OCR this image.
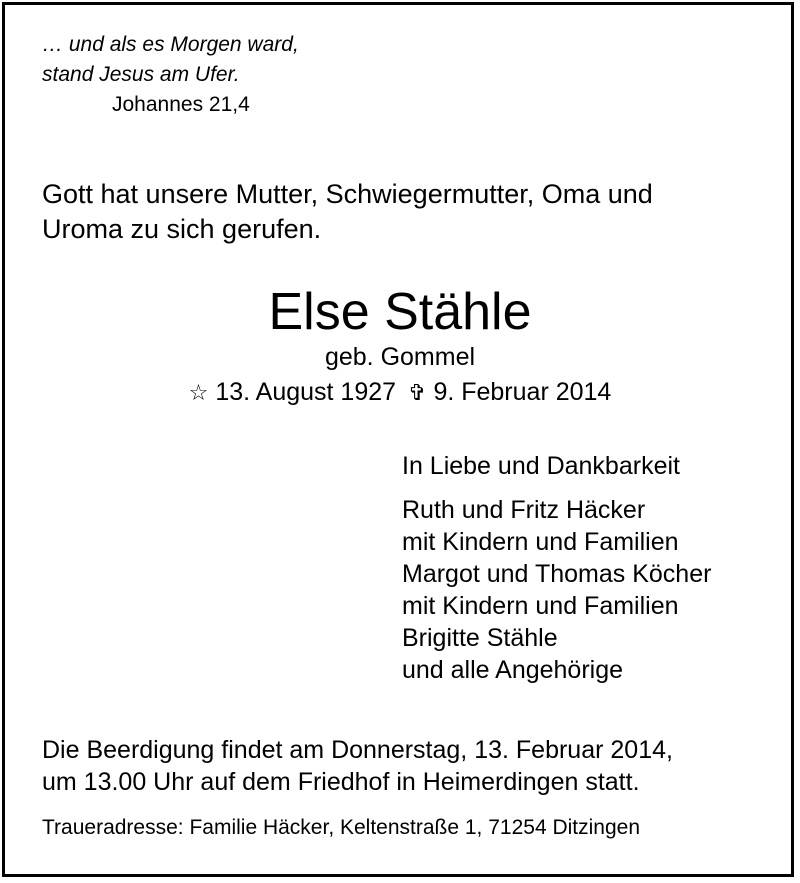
… und als es Morgen ward,
stand Jesus am Ufer.
Johannes 21,4
Gott hat unsere Mutter, Schwiegermutter, Oma und
Uroma zu sich gerufen.
Else Stähle
geb. Gommel
☆ 13. August 1927 ✞ 9. Februar 2014
In Liebe und Dankbarkeit
Ruth und Fritz Häcker
mit Kindern und Familien
Margot und Thomas Köcher
mit Kindern und Familien
Brigitte Stähle
und alle Angehörige
Die Beerdigung findet am Donnerstag, 13. Februar 2014,
um 13.00 Uhr auf dem Friedhof in Heimerdingen statt.
Traueradresse: Familie Häcker, Keltenstraße 1, 71254 Ditzingen
